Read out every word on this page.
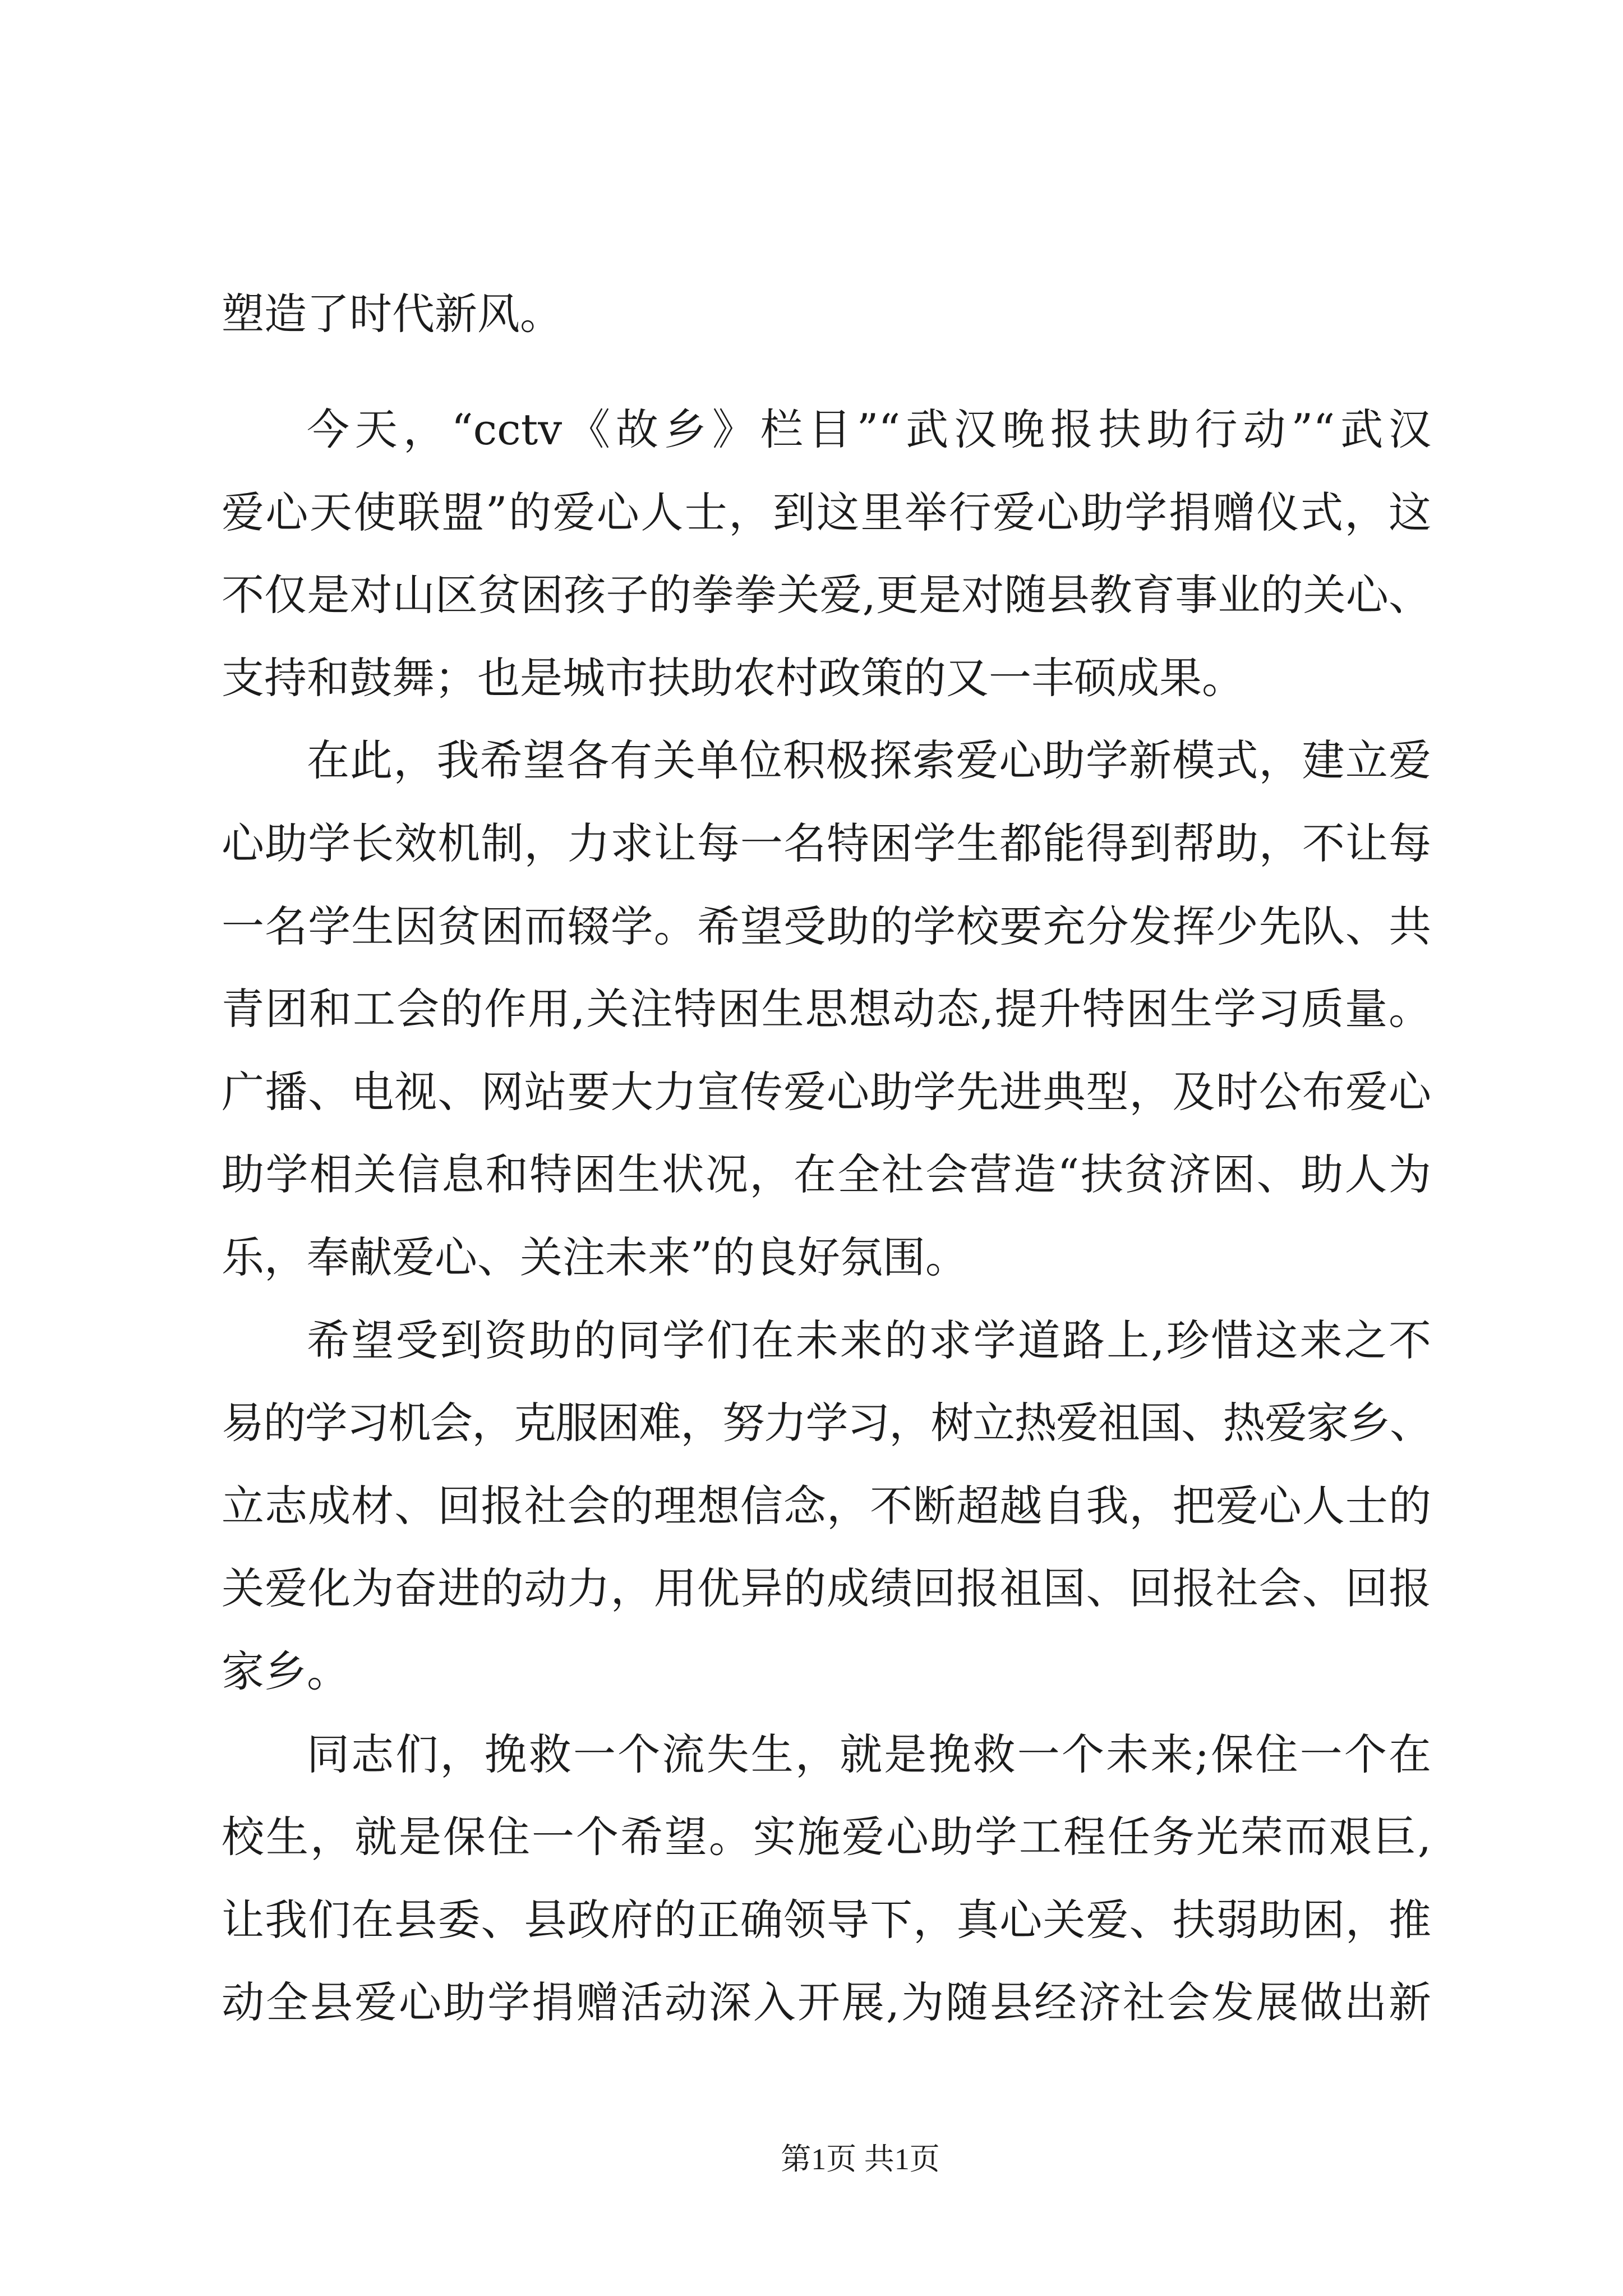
塑造了时代新风。
今天，“cctv《故乡》栏目”“武汉晚报扶助行动”“武汉
爱心天使联盟”的爱心人士，到这里举行爱心助学捐赠仪式，这
不仅是对山区贫困孩子的拳拳关爱,更是对随县教育事业的关心、
支持和鼓舞；也是城市扶助农村政策的又一丰硕成果。
在此，我希望各有关单位积极探索爱心助学新模式，建立爱
心助学长效机制，力求让每一名特困学生都能得到帮助，不让每
一名学生因贫困而辍学。希望受助的学校要充分发挥少先队、共
青团和工会的作用,关注特困生思想动态,提升特困生学习质量。
广播、电视、网站要大力宣传爱心助学先进典型，及时公布爱心
助学相关信息和特困生状况，在全社会营造“扶贫济困、助人为
乐，奉献爱心、关注未来”的良好氛围。
希望受到资助的同学们在未来的求学道路上,珍惜这来之不
易的学习机会，克服困难，努力学习，树立热爱祖国、热爱家乡、
立志成材、回报社会的理想信念，不断超越自我，把爱心人士的
关爱化为奋进的动力，用优异的成绩回报祖国、回报社会、回报
家乡。
同志们，挽救一个流失生，就是挽救一个未来;保住一个在
校生，就是保住一个希望。实施爱心助学工程任务光荣而艰巨,
让我们在县委、县政府的正确领导下，真心关爱、扶弱助困，推
动全县爱心助学捐赠活动深入开展,为随县经济社会发展做出新
第1页 共1页
